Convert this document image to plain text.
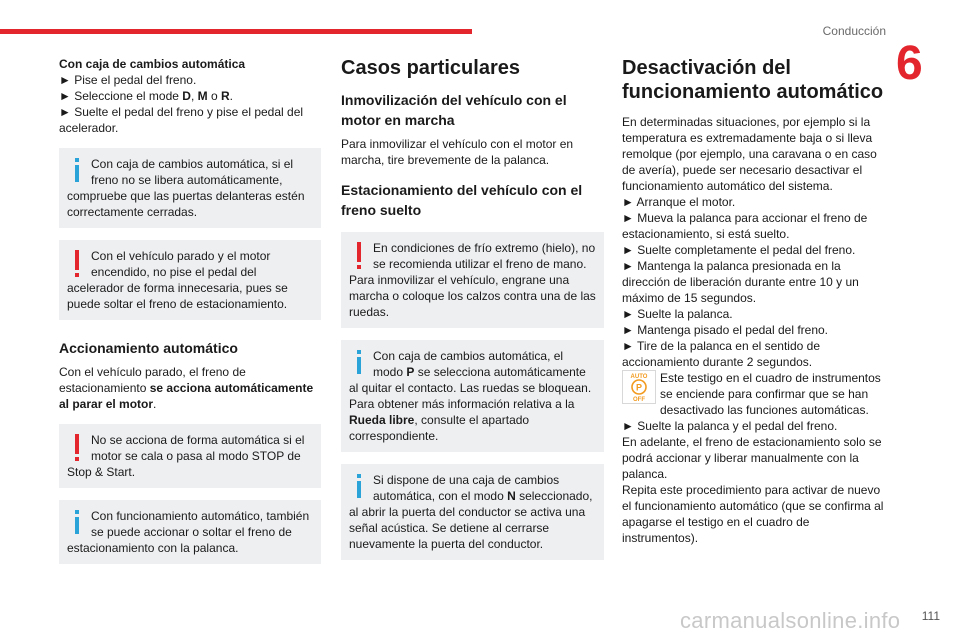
Conducción
6

Con caja de cambios automática

► Pise el pedal del freno.

► Seleccione el mode D, M o R.

► Suelte el pedal del freno y pise el pedal del acelerador.

Con caja de cambios automática, si el freno no se libera automáticamente, compruebe que las puertas delanteras estén correctamente cerradas.
Con el vehículo parado y el motor encendido, no pise el pedal del acelerador de forma innecesaria, pues se puede soltar el freno de estacionamiento.
Accionamiento automático

Con el vehículo parado, el freno de estacionamiento se acciona automáticamente al parar el motor.

No se acciona de forma automática si el motor se cala o pasa al modo STOP de Stop & Start.
Con funcionamiento automático, también se puede accionar o soltar el freno de estacionamiento con la palanca.
Casos particulares
Inmovilización del vehículo con el motor en marcha

Para inmovilizar el vehículo con el motor en marcha, tire brevemente de la palanca.

Estacionamiento del vehículo con el freno suelto
En condiciones de frío extremo (hielo), no se recomienda utilizar el freno de mano.
Para inmovilizar el vehículo, engrane una marcha o coloque los calzos contra una de las ruedas.
Con caja de cambios automática, el modo P se selecciona automáticamente al quitar el contacto. Las ruedas se bloquean.
Para obtener más información relativa a la Rueda libre, consulte el apartado correspondiente.
Si dispone de una caja de cambios automática, con el modo N seleccionado, al abrir la puerta del conductor se activa una señal acústica. Se detiene al cerrarse nuevamente la puerta del conductor.
Desactivación del funcionamiento automático

En determinadas situaciones, por ejemplo si la temperatura es extremadamente baja o si lleva remolque (por ejemplo, una caravana o en caso de avería), puede ser necesario desactivar el funcionamiento automático del sistema.

► Arranque el motor.

► Mueva la palanca para accionar el freno de estacionamiento, si está suelto.

► Suelte completamente el pedal del freno.

► Mantenga la palanca presionada en la dirección de liberación durante entre 10 y un máximo de 15 segundos.

► Suelte la palanca.

► Mantenga pisado el pedal del freno.

► Tire de la palanca en el sentido de accionamiento durante 2 segundos.

AUTO
P
OFF
Este testigo en el cuadro de instrumentos se enciende para confirmar que se han desactivado las funciones automáticas.

► Suelte la palanca y el pedal del freno.

En adelante, el freno de estacionamiento solo se podrá accionar y liberar manualmente con la palanca.

Repita este procedimiento para activar de nuevo el funcionamiento automático (que se confirma al apagarse el testigo en el cuadro de instrumentos).

carmanualsonline.info	111
